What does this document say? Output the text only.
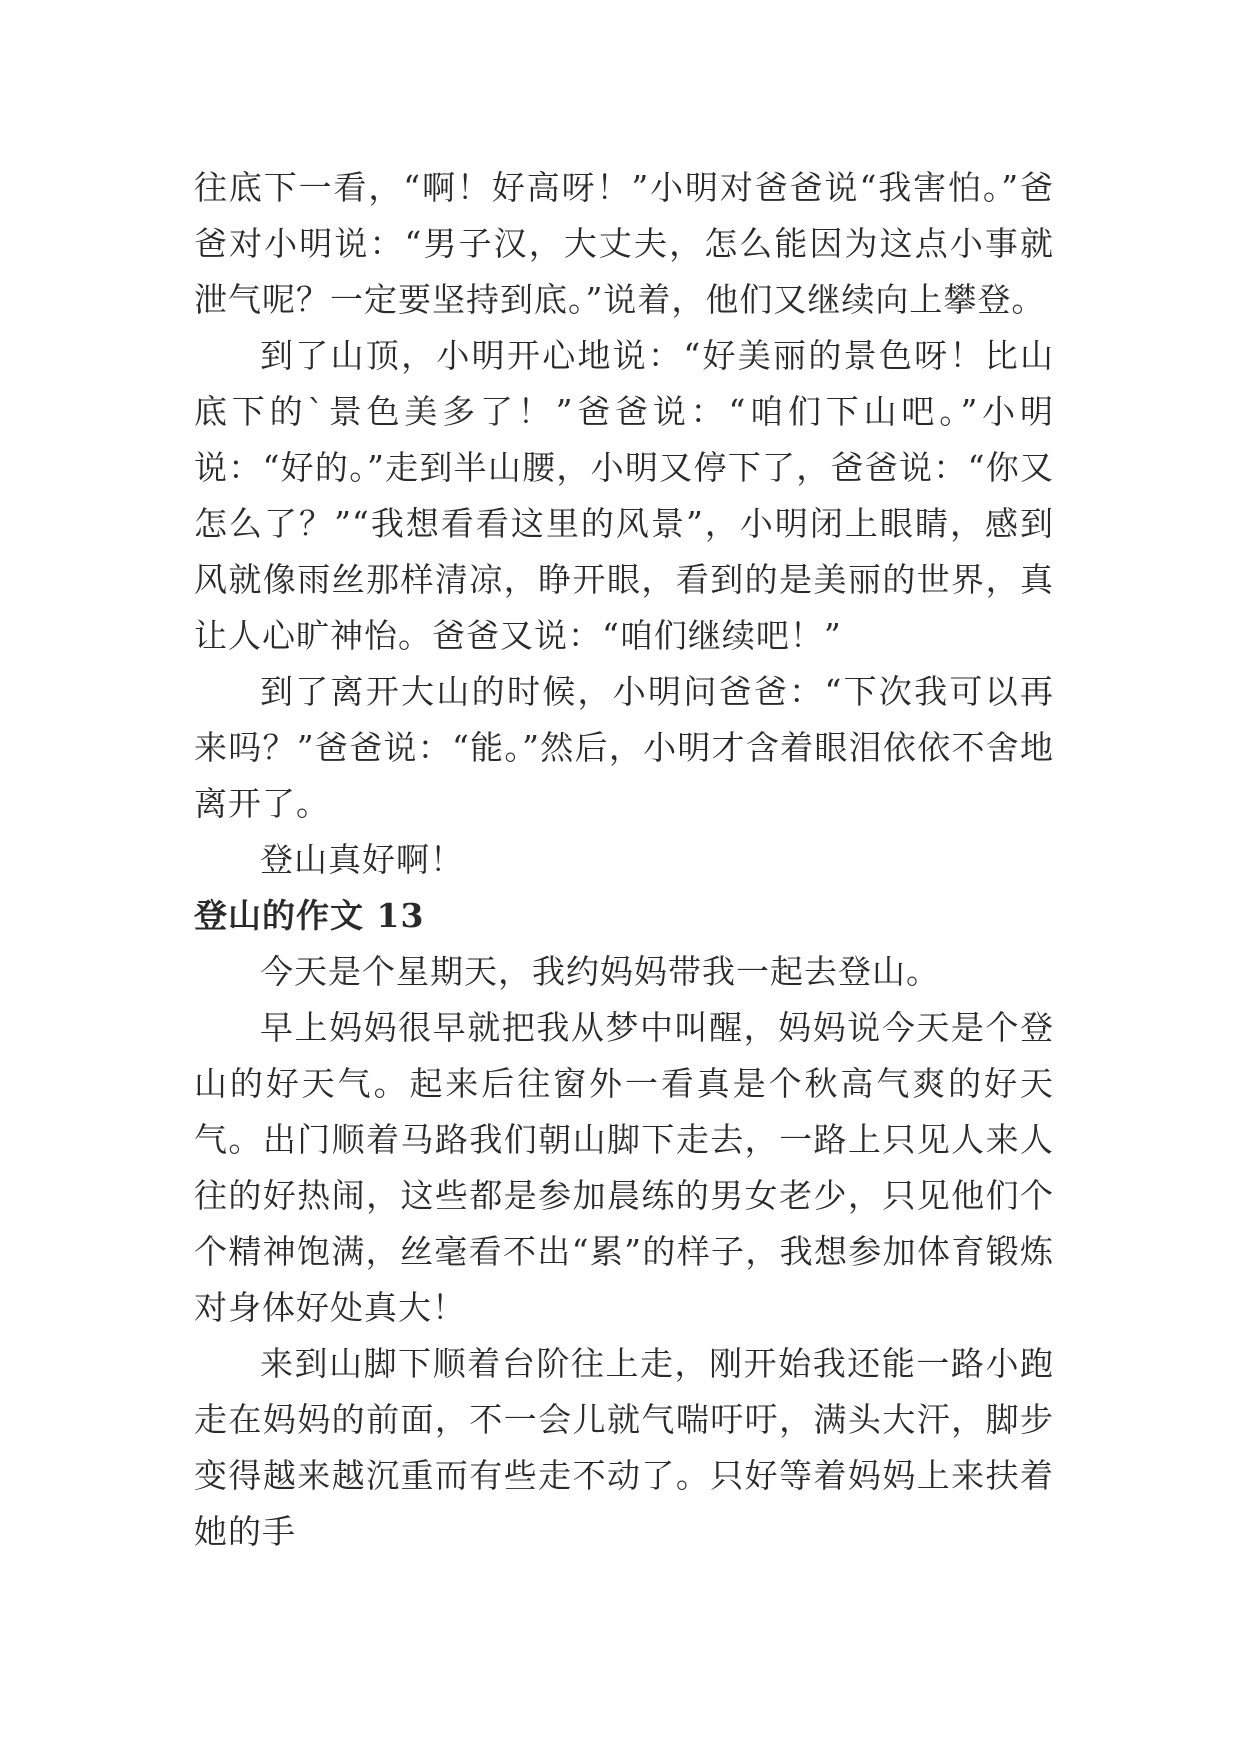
往底下一看，“啊！好高呀！”小明对爸爸说“我害怕。”爸爸对小明说：“男子汉，大丈夫，怎么能因为这点小事就泄气呢？一定要坚持到底。”说着，他们又继续向上攀登。

到了山顶，小明开心地说：“好美丽的景色呀！比山底下的`景色美多了！”爸爸说：“咱们下山吧。”小明说：“好的。”走到半山腰，小明又停下了，爸爸说：“你又怎么了？”“我想看看这里的风景”，小明闭上眼睛，感到风就像雨丝那样清凉，睁开眼，看到的是美丽的世界，真让人心旷神怡。爸爸又说：“咱们继续吧！”

到了离开大山的时候，小明问爸爸：“下次我可以再来吗？”爸爸说：“能。”然后，小明才含着眼泪依依不舍地离开了。

登山真好啊！

登山的作文 13

今天是个星期天，我约妈妈带我一起去登山。

早上妈妈很早就把我从梦中叫醒，妈妈说今天是个登山的好天气。起来后往窗外一看真是个秋高气爽的好天气。出门顺着马路我们朝山脚下走去，一路上只见人来人往的好热闹，这些都是参加晨练的男女老少，只见他们个个精神饱满，丝毫看不出“累”的样子，我想参加体育锻炼对身体好处真大！

来到山脚下顺着台阶往上走，刚开始我还能一路小跑走在妈妈的前面，不一会儿就气喘吁吁，满头大汗，脚步变得越来越沉重而有些走不动了。只好等着妈妈上来扶着她的手
